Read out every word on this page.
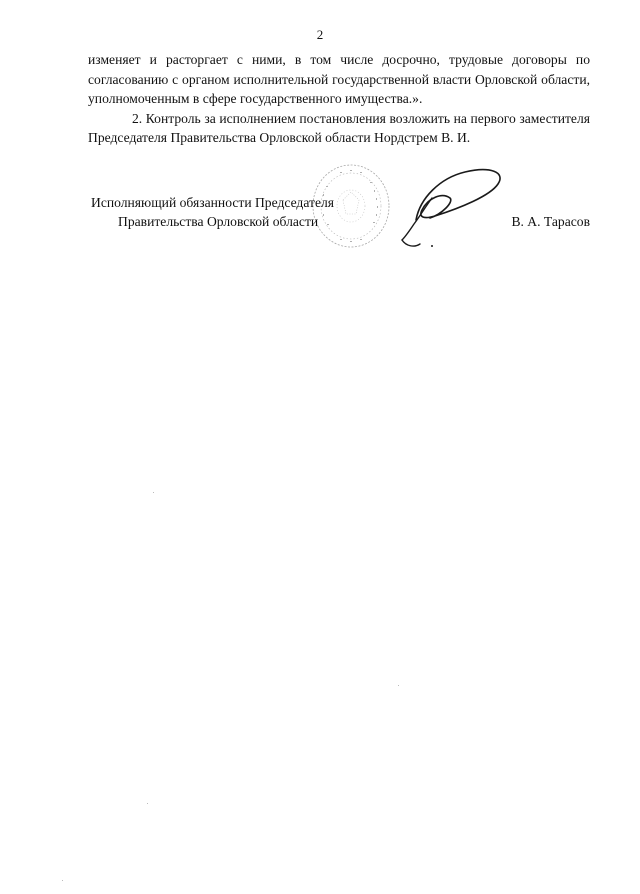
2

изменяет и расторгает с ними, в том числе досрочно, трудовые договоры по согласованию с органом исполнительной государственной власти Орловской области, уполномоченным в сфере государственного имущества.».

2. Контроль за исполнением постановления возложить на первого заместителя Председателя Правительства Орловской области Нордстрем В. И.

Исполняющий обязанности Председателя
Правительства Орловской области	В. А. Тарасов
